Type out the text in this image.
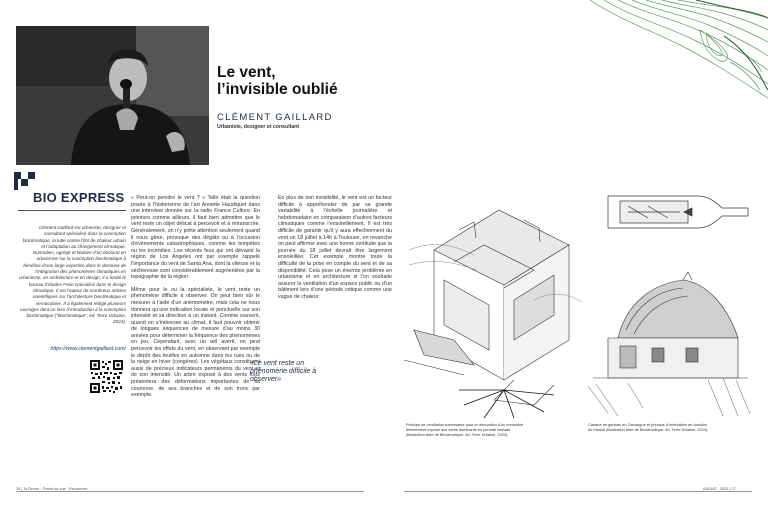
Le vent,
l’invisible oublié
CLÉMENT GAILLARD
Urbaniste, designer et consultant
BIO EXPRESS
Clément Gaillard est urbaniste, designer et consultant spécialisé dans la conception bioclimatique, la lutte contre l’îlot de chaleur urbain et l’adaptation au changement climatique. Normalien, agrégé et titulaire d’un doctorat en urbanisme sur la conception bioclimatique à bénéfice d’une large expertise dans le domaine de l’intégration des phénomènes climatiques en urbanisme, en architecture et en design. Il a fondé le bureau d’études Freio spécialisé dans le design climatique. Il est l’auteur de nombreux articles scientifiques sur l’architecture bioclimatique et vernaculaire. Il a également rédigé plusieurs ouvrages dont un livre d’introduction à la conception bioclimatique (“Bioclimatique”, éd. Terre Urbaine, 2024).
https://www.clementgaillard.com/

« Peut-on peindre le vent ? » Telle était la question posée à l’historienne de l’art Annette Haudiquet dans une interview donnée sur la radio France Culture. En peinture comme ailleurs, il faut bien admettre que le vent reste un objet délicat à percevoir et à retranscrire. Généralement, on n’y prête attention seulement quand il nous gêne, provoque des dégâts ou à l’occasion d’événements catastrophiques, comme les tempêtes ou les incendies. Les récents feux qui ont dévasté la région de Los Angeles ont par exemple rappelé l’importance du vent de Santa Ana, dont la vitesse et la sécheresse sont considérablement augmentées par la topographie de la région.

Même pour le ou la spécialiste, le vent reste un phénomène difficile à observer. On peut bien sûr le mesurer à l’aide d’un anémomètre, mais cela ne nous donnera qu’une indication locale et ponctuelle sur son intensité et sa direction à un instant. Comme souvent, quand on s’intéresse au climat, il faut pouvoir obtenir de longues séquences de mesure d’au moins 30 années pour déterminer la fréquence des phénomènes en jeu. Cependant, avec un œil averti, on peut percevoir les effets du vent, en observant par exemple le dépôt des feuilles en automne dans les rues ou de la neige en hiver (congères). Les végétaux constituent aussi de précieux indicateurs permanents du vent et de son intensité. Un arbre exposé à des vents forts présentera des déformations importantes de sa couronne, de ses branches et de son tronc par exemple.

En plus de son invisibilité, le vent est un facteur difficile à appréhender de par sa grande variabilité à l’échelle journalière et hebdomadaire en comparaison d’autres facteurs climatiques comme l’ensoleillement. Il est très difficile de garantir qu’il y aura effectivement du vent un 18 juillet à 14h à Toulouse, en revanche on peut affirmer avec une bonne certitude que la journée du 18 juillet devrait être largement ensoleillée. Cet exemple montre toute la difficulté de la prise en compte du vent et de sa disponibilité. Cela pose un énorme problème en urbanisme et en architecture si l’on souhaite assurer la ventilation d’un espace public ou d’un bâtiment lors d’une période critique comme une vague de chaleur.

«Le vent reste un phénomène difficile à observer»
Principe de ventilation traversante pour la rénovation d’un immeuble directement exposé aux vents dominants en période estivale (illustration tirée de Bioclimatique, éd. Terre Urbaine, 2024).
Cabane de gardian en Camargue et principe d’orientation en fonction du mistral (illustration tirée de Bioclimatique, éd. Terre Urbaine, 2024).
26 | Ta Revue · Points de vue · Recherche	AUDIAT · 2025 | 27
